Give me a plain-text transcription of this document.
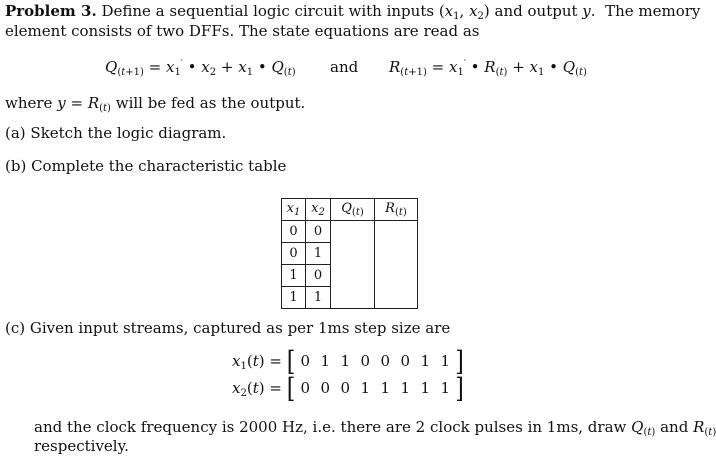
Problem 3. Define a sequential logic circuit with inputs ($x_1$, $x_2$) and output y.  The memory
element consists of two DFFs. The state equations are read as
$Q_{(t+1)} = x_1'$ • $x_2 + x_1$ • $Q_{(t)}$ and $R_{(t+1)} = x_1'$ • $R_{(t)} + x_1$ • $Q_{(t)}$
where $y = R_{(t)}$ will be fed as the output.
(a) Sketch the logic diagram.
(b) Complete the characteristic table
$x_1$	$x_2$	$Q_{(t)}$	$R_{(t)}$
0	0		
0	1		
1	0		
1	1		
(c) Given input streams, captured as per 1ms step size are
$x_1(t)$ = [ 0 1 1 0 0 0 1 1 ]
$x_2(t)$ = [ 0 0 0 1 1 1 1 1 ]
and the clock frequency is 2000 Hz, i.e. there are 2 clock pulses in 1ms, draw $Q_{(t)}$ and $R_{(t)}$
respectively.
